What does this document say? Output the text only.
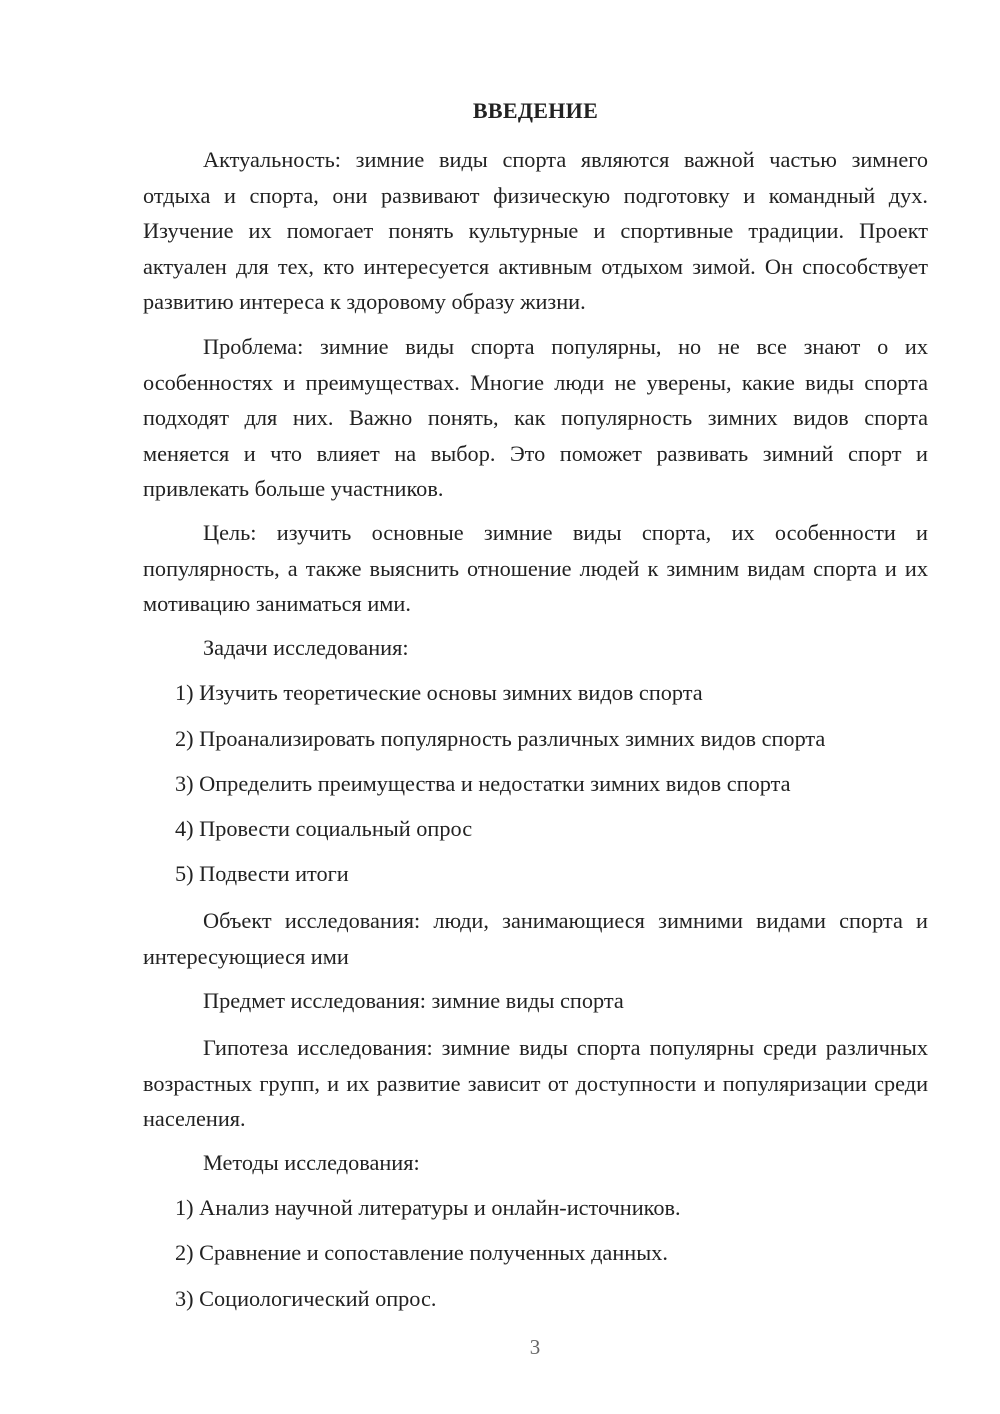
ВВЕДЕНИЕ

Актуальность: зимние виды спорта являются важной частью зимнего отдыха и спорта, они развивают физическую подготовку и командный дух. Изучение их помогает понять культурные и спортивные традиции. Проект актуален для тех, кто интересуется активным отдыхом зимой. Он способствует развитию интереса к здоровому образу жизни.

Проблема: зимние виды спорта популярны, но не все знают о их особенностях и преимуществах. Многие люди не уверены, какие виды спорта подходят для них. Важно понять, как популярность зимних видов спорта меняется и что влияет на выбор. Это поможет развивать зимний спорт и привлекать больше участников.

Цель: изучить основные зимние виды спорта, их особенности и популярность, а также выяснить отношение людей к зимним видам спорта и их мотивацию заниматься ими.

Задачи исследования:

1) Изучить теоретические основы зимних видов спорта

2) Проанализировать популярность различных зимних видов спорта

3) Определить преимущества и недостатки зимних видов спорта

4) Провести социальный опрос

5) Подвести итоги

Объект исследования: люди, занимающиеся зимними видами спорта и интересующиеся ими

Предмет исследования: зимние виды спорта

Гипотеза исследования: зимние виды спорта популярны среди различных возрастных групп, и их развитие зависит от доступности и популяризации среди населения.

Методы исследования:

1) Анализ научной литературы и онлайн-источников.

2) Сравнение и сопоставление полученных данных.

3) Социологический опрос.

3
